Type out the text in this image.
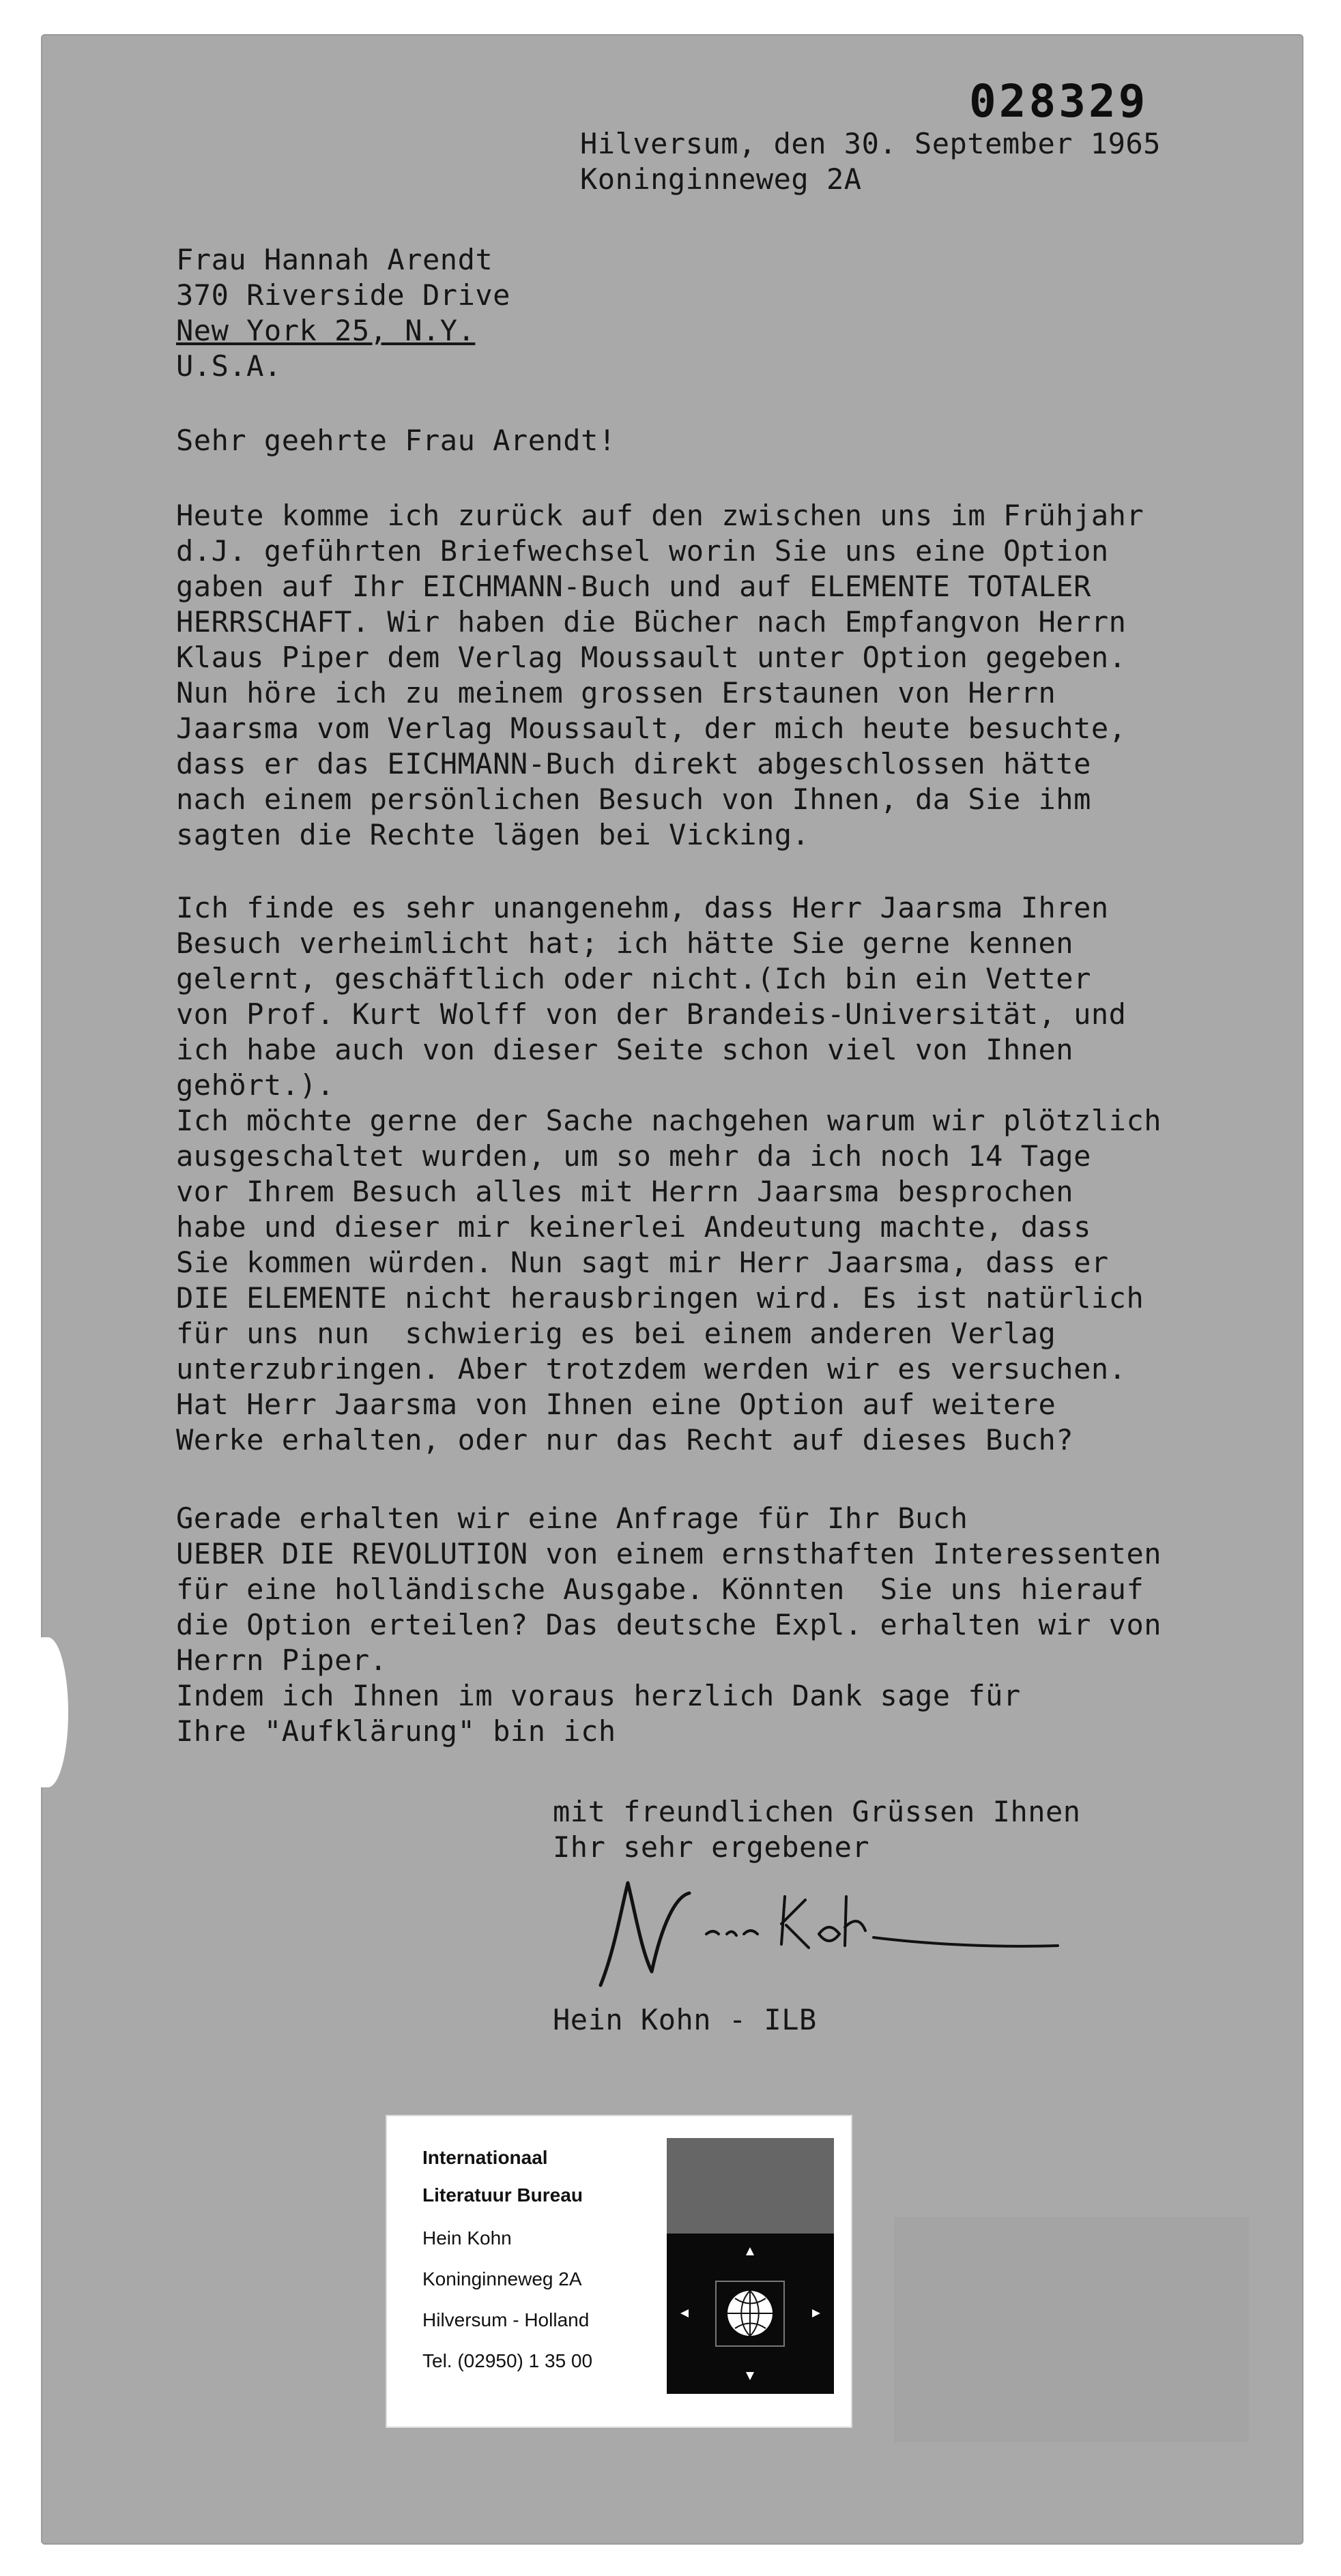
028329
Hilversum, den 30. September 1965
Koninginneweg 2A
Frau Hannah Arendt
370 Riverside Drive
New York 25, N.Y.
U.S.A.
Sehr geehrte Frau Arendt!
Heute komme ich zurück auf den zwischen uns im Frühjahr
d.J. geführten Briefwechsel worin Sie uns eine Option
gaben auf Ihr EICHMANN-Buch und auf ELEMENTE TOTALER
HERRSCHAFT. Wir haben die Bücher nach Empfangvon Herrn
Klaus Piper dem Verlag Moussault unter Option gegeben.
Nun höre ich zu meinem grossen Erstaunen von Herrn
Jaarsma vom Verlag Moussault, der mich heute besuchte,
dass er das EICHMANN-Buch direkt abgeschlossen hätte
nach einem persönlichen Besuch von Ihnen, da Sie ihm
sagten die Rechte lägen bei Vicking.
Ich finde es sehr unangenehm, dass Herr Jaarsma Ihren
Besuch verheimlicht hat; ich hätte Sie gerne kennen
gelernt, geschäftlich oder nicht.(Ich bin ein Vetter
von Prof. Kurt Wolff von der Brandeis-Universität, und
ich habe auch von dieser Seite schon viel von Ihnen
gehört.).
Ich möchte gerne der Sache nachgehen warum wir plötzlich
ausgeschaltet wurden, um so mehr da ich noch 14 Tage
vor Ihrem Besuch alles mit Herrn Jaarsma besprochen
habe und dieser mir keinerlei Andeutung machte, dass
Sie kommen würden. Nun sagt mir Herr Jaarsma, dass er
DIE ELEMENTE nicht herausbringen wird. Es ist natürlich
für uns nun  schwierig es bei einem anderen Verlag
unterzubringen. Aber trotzdem werden wir es versuchen.
Hat Herr Jaarsma von Ihnen eine Option auf weitere
Werke erhalten, oder nur das Recht auf dieses Buch?
Gerade erhalten wir eine Anfrage für Ihr Buch
UEBER DIE REVOLUTION von einem ernsthaften Interessenten
für eine holländische Ausgabe. Könnten  Sie uns hierauf
die Option erteilen? Das deutsche Expl. erhalten wir von
Herrn Piper.
Indem ich Ihnen im voraus herzlich Dank sage für
Ihre "Aufklärung" bin ich
mit freundlichen Grüssen Ihnen
Ihr sehr ergebener
Hein Kohn - ILB
Internationaal
Literatuur Bureau
Hein Kohn
Koninginneweg 2A
Hilversum - Holland
Tel. (02950) 1 35 00
